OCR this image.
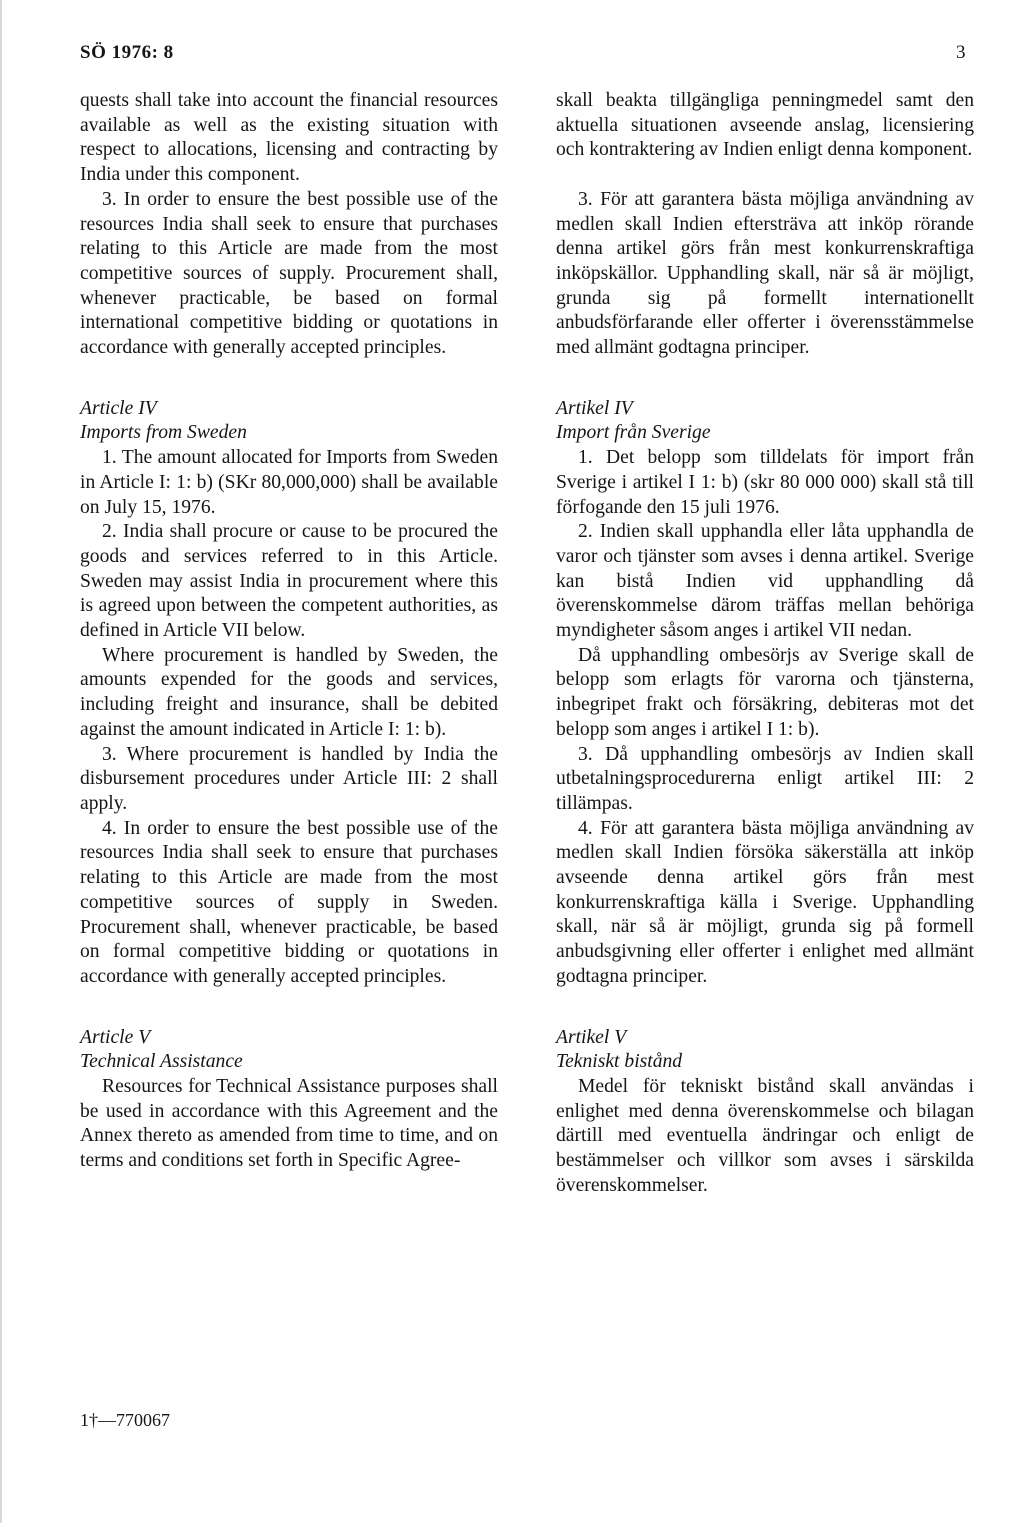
SÖ 1976: 8	3

quests shall take into account the financial resources available as well as the existing situation with respect to allocations, licensing and contracting by India under this component.

3. In order to ensure the best possible use of the resources India shall seek to ensure that purchases relating to this Article are made from the most competitive sources of supply. Procurement shall, whenever practicable, be based on formal international competitive bidding or quotations in accordance with generally accepted principles.

Article IV

Imports from Sweden

1. The amount allocated for Imports from Sweden in Article I: 1: b) (SKr 80,000,000) shall be available on July 15, 1976.

2. India shall procure or cause to be procured the goods and services referred to in this Article. Sweden may assist India in procurement where this is agreed upon between the competent authorities, as defined in Article VII below.

Where procurement is handled by Sweden, the amounts expended for the goods and services, including freight and insurance, shall be debited against the amount indicated in Article I: 1: b).

3. Where procurement is handled by India the disbursement procedures under Article III: 2 shall apply.

4. In order to ensure the best possible use of the resources India shall seek to ensure that purchases relating to this Article are made from the most competitive sources of supply in Sweden. Procurement shall, whenever practicable, be based on formal competitive bidding or quotations in accordance with generally accepted principles.

Article V

Technical Assistance

Resources for Technical Assistance purposes shall be used in accordance with this Agreement and the Annex thereto as amended from time to time, and on terms and conditions set forth in Specific Agree-

skall beakta tillgängliga penningmedel samt den aktuella situationen avseende anslag, licensiering och kontraktering av Indien enligt denna komponent.

3. För att garantera bästa möjliga användning av medlen skall Indien eftersträva att inköp rörande denna artikel görs från mest konkurrenskraftiga inköpskällor. Upphandling skall, när så är möjligt, grunda sig på formellt internationellt anbudsförfarande eller offerter i överensstämmelse med allmänt godtagna principer.

Artikel IV

Import från Sverige

1. Det belopp som tilldelats för import från Sverige i artikel I 1: b) (skr 80 000 000) skall stå till förfogande den 15 juli 1976.

2. Indien skall upphandla eller låta upphandla de varor och tjänster som avses i denna artikel. Sverige kan bistå Indien vid upphandling då överenskommelse därom träffas mellan behöriga myndigheter såsom anges i artikel VII nedan.

Då upphandling ombesörjs av Sverige skall de belopp som erlagts för varorna och tjänsterna, inbegripet frakt och försäkring, debiteras mot det belopp som anges i artikel I 1: b).

3. Då upphandling ombesörjs av Indien skall utbetalningsprocedurerna enligt artikel III: 2 tillämpas.

4. För att garantera bästa möjliga användning av medlen skall Indien försöka säkerställa att inköp avseende denna artikel görs från mest konkurrenskraftiga källa i Sverige. Upphandling skall, när så är möjligt, grunda sig på formell anbudsgivning eller offerter i enlighet med allmänt godtagna principer.

Artikel V

Tekniskt bistånd

Medel för tekniskt bistånd skall användas i enlighet med denna överenskommelse och bilagan därtill med eventuella ändringar och enligt de bestämmelser och villkor som avses i särskilda överenskommelser.

1†—770067
